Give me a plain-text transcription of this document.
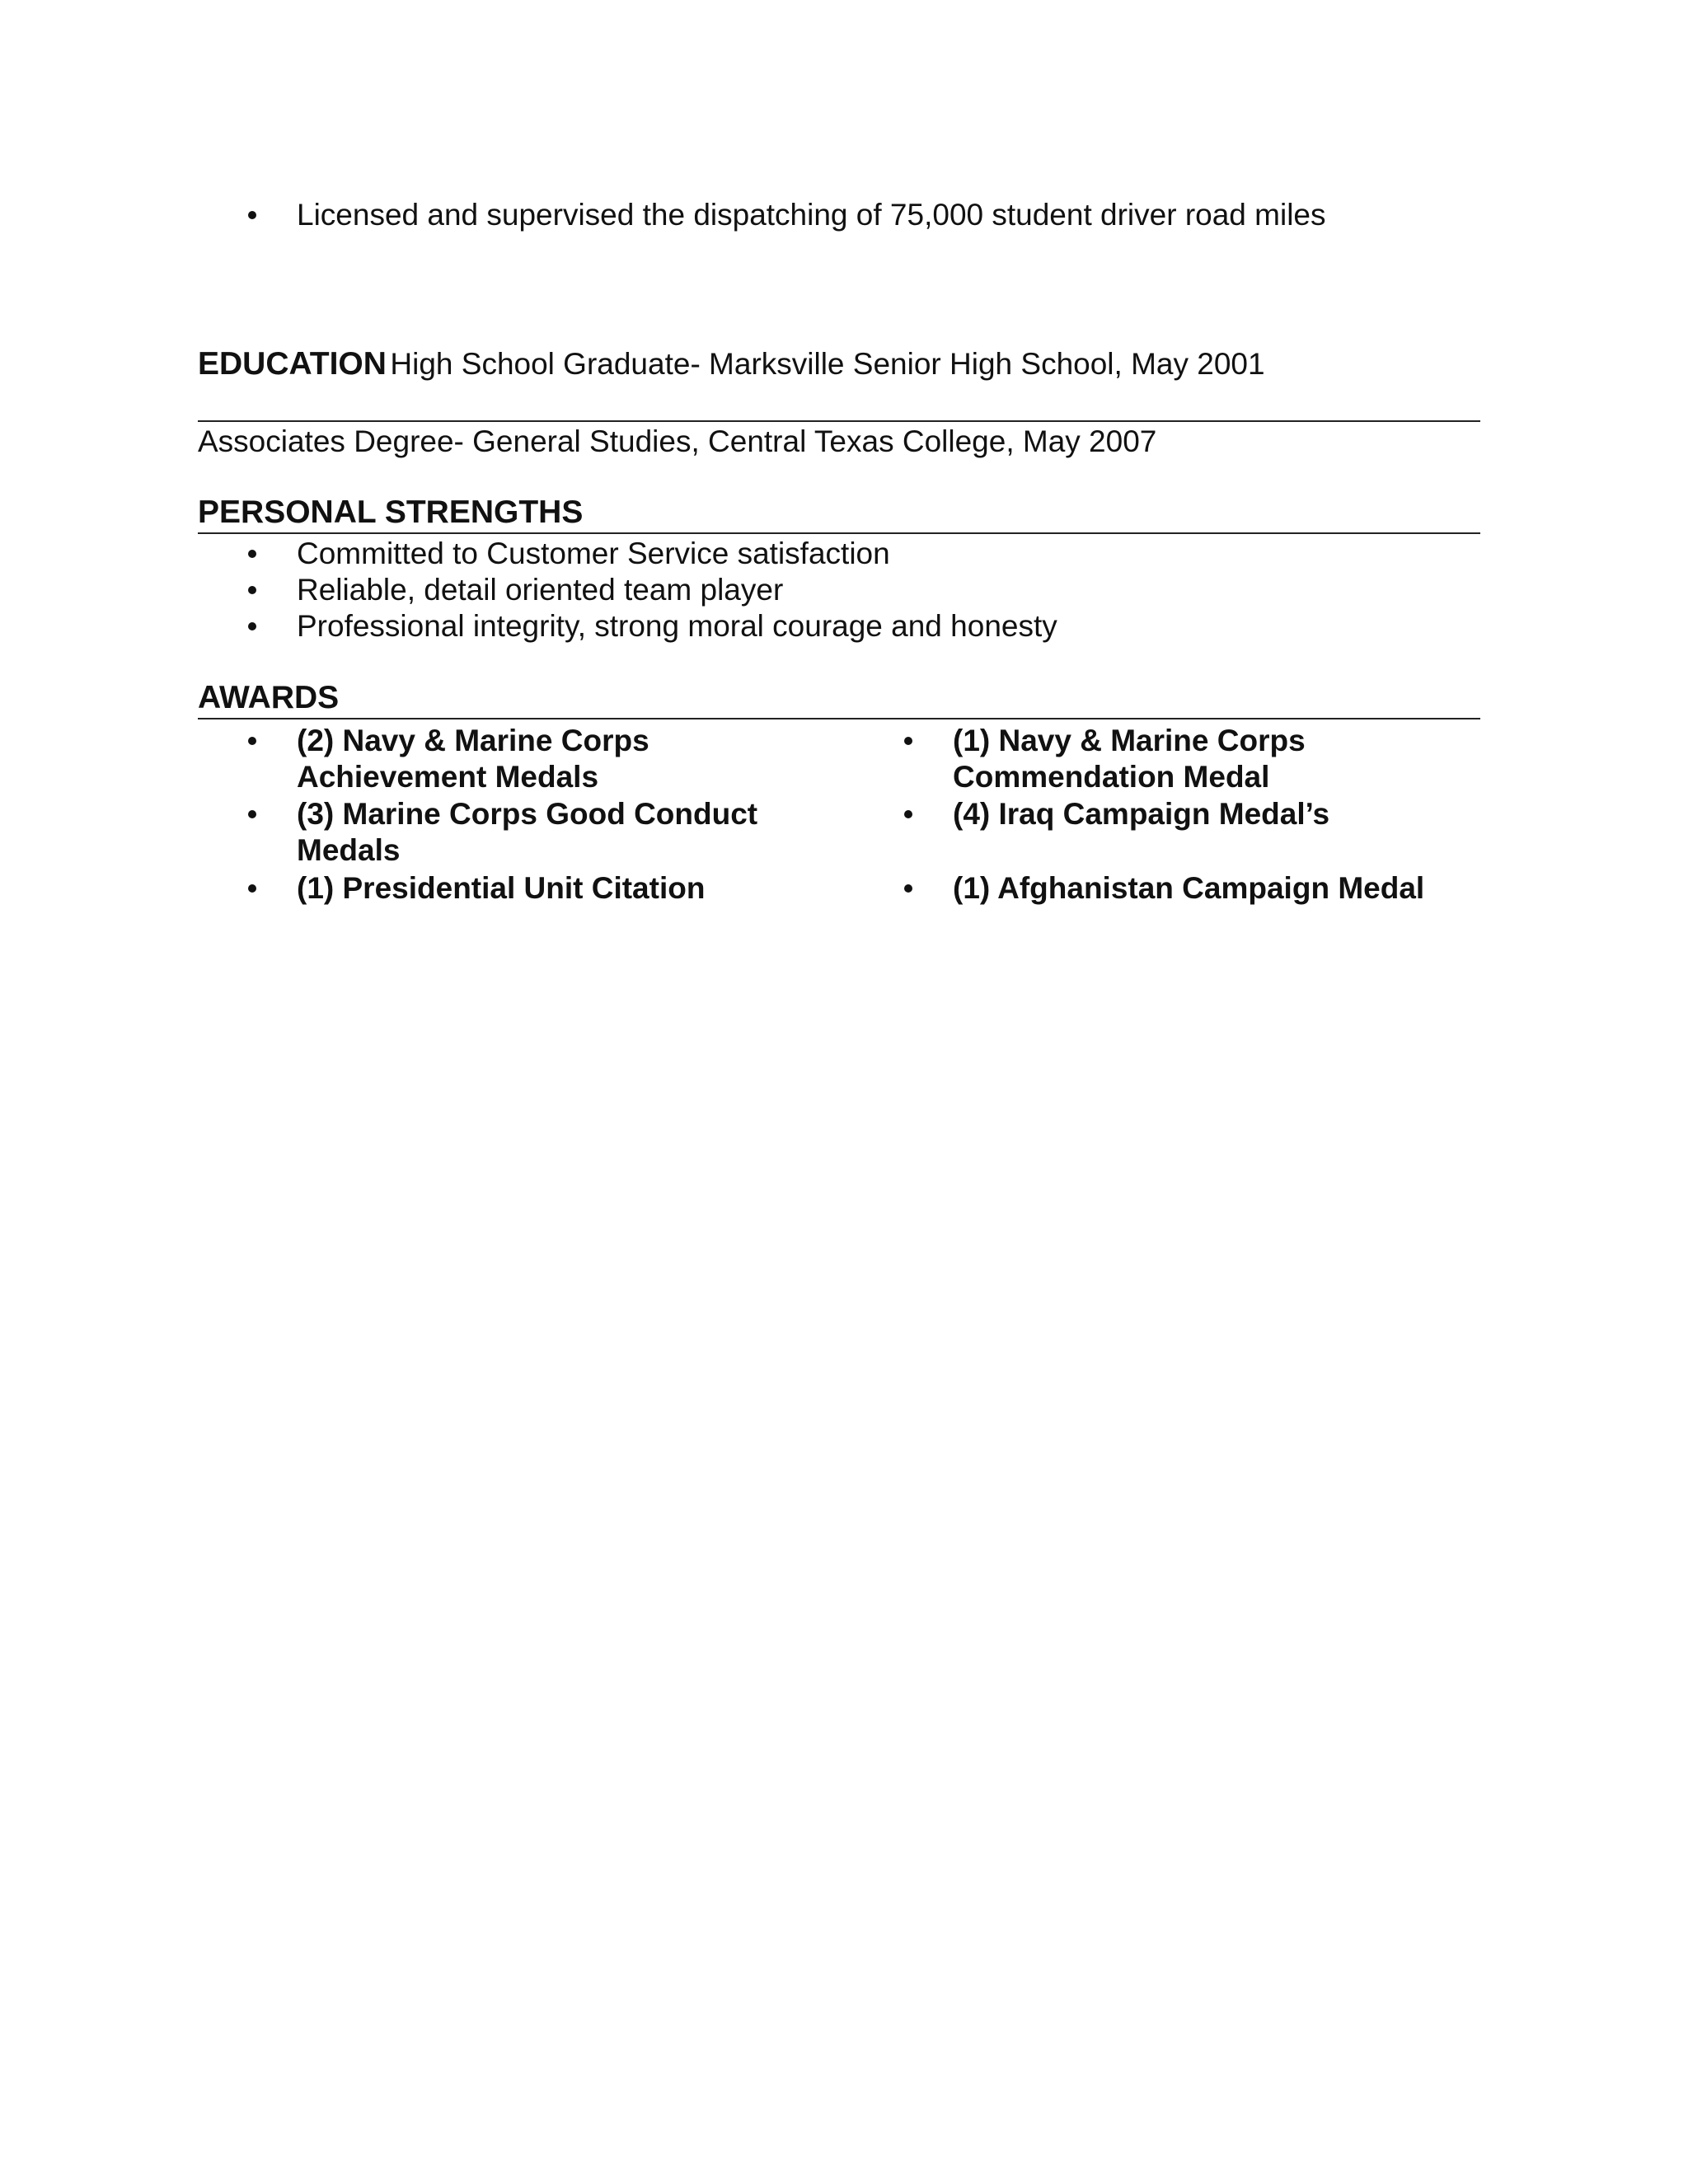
Licensed and supervised the dispatching of 75,000 student driver road miles
EDUCATION High School Graduate- Marksville Senior High School, May 2001
Associates Degree- General Studies, Central Texas College, May 2007
PERSONAL STRENGTHS
Committed to Customer Service satisfaction
Reliable, detail oriented team player
Professional integrity, strong moral courage and honesty
AWARDS
(2) Navy & Marine Corps Achievement Medals
(3) Marine Corps Good Conduct Medals
(1) Presidential Unit Citation
(1) Navy & Marine Corps Commendation Medal
(4) Iraq Campaign Medal’s
(1) Afghanistan Campaign Medal
